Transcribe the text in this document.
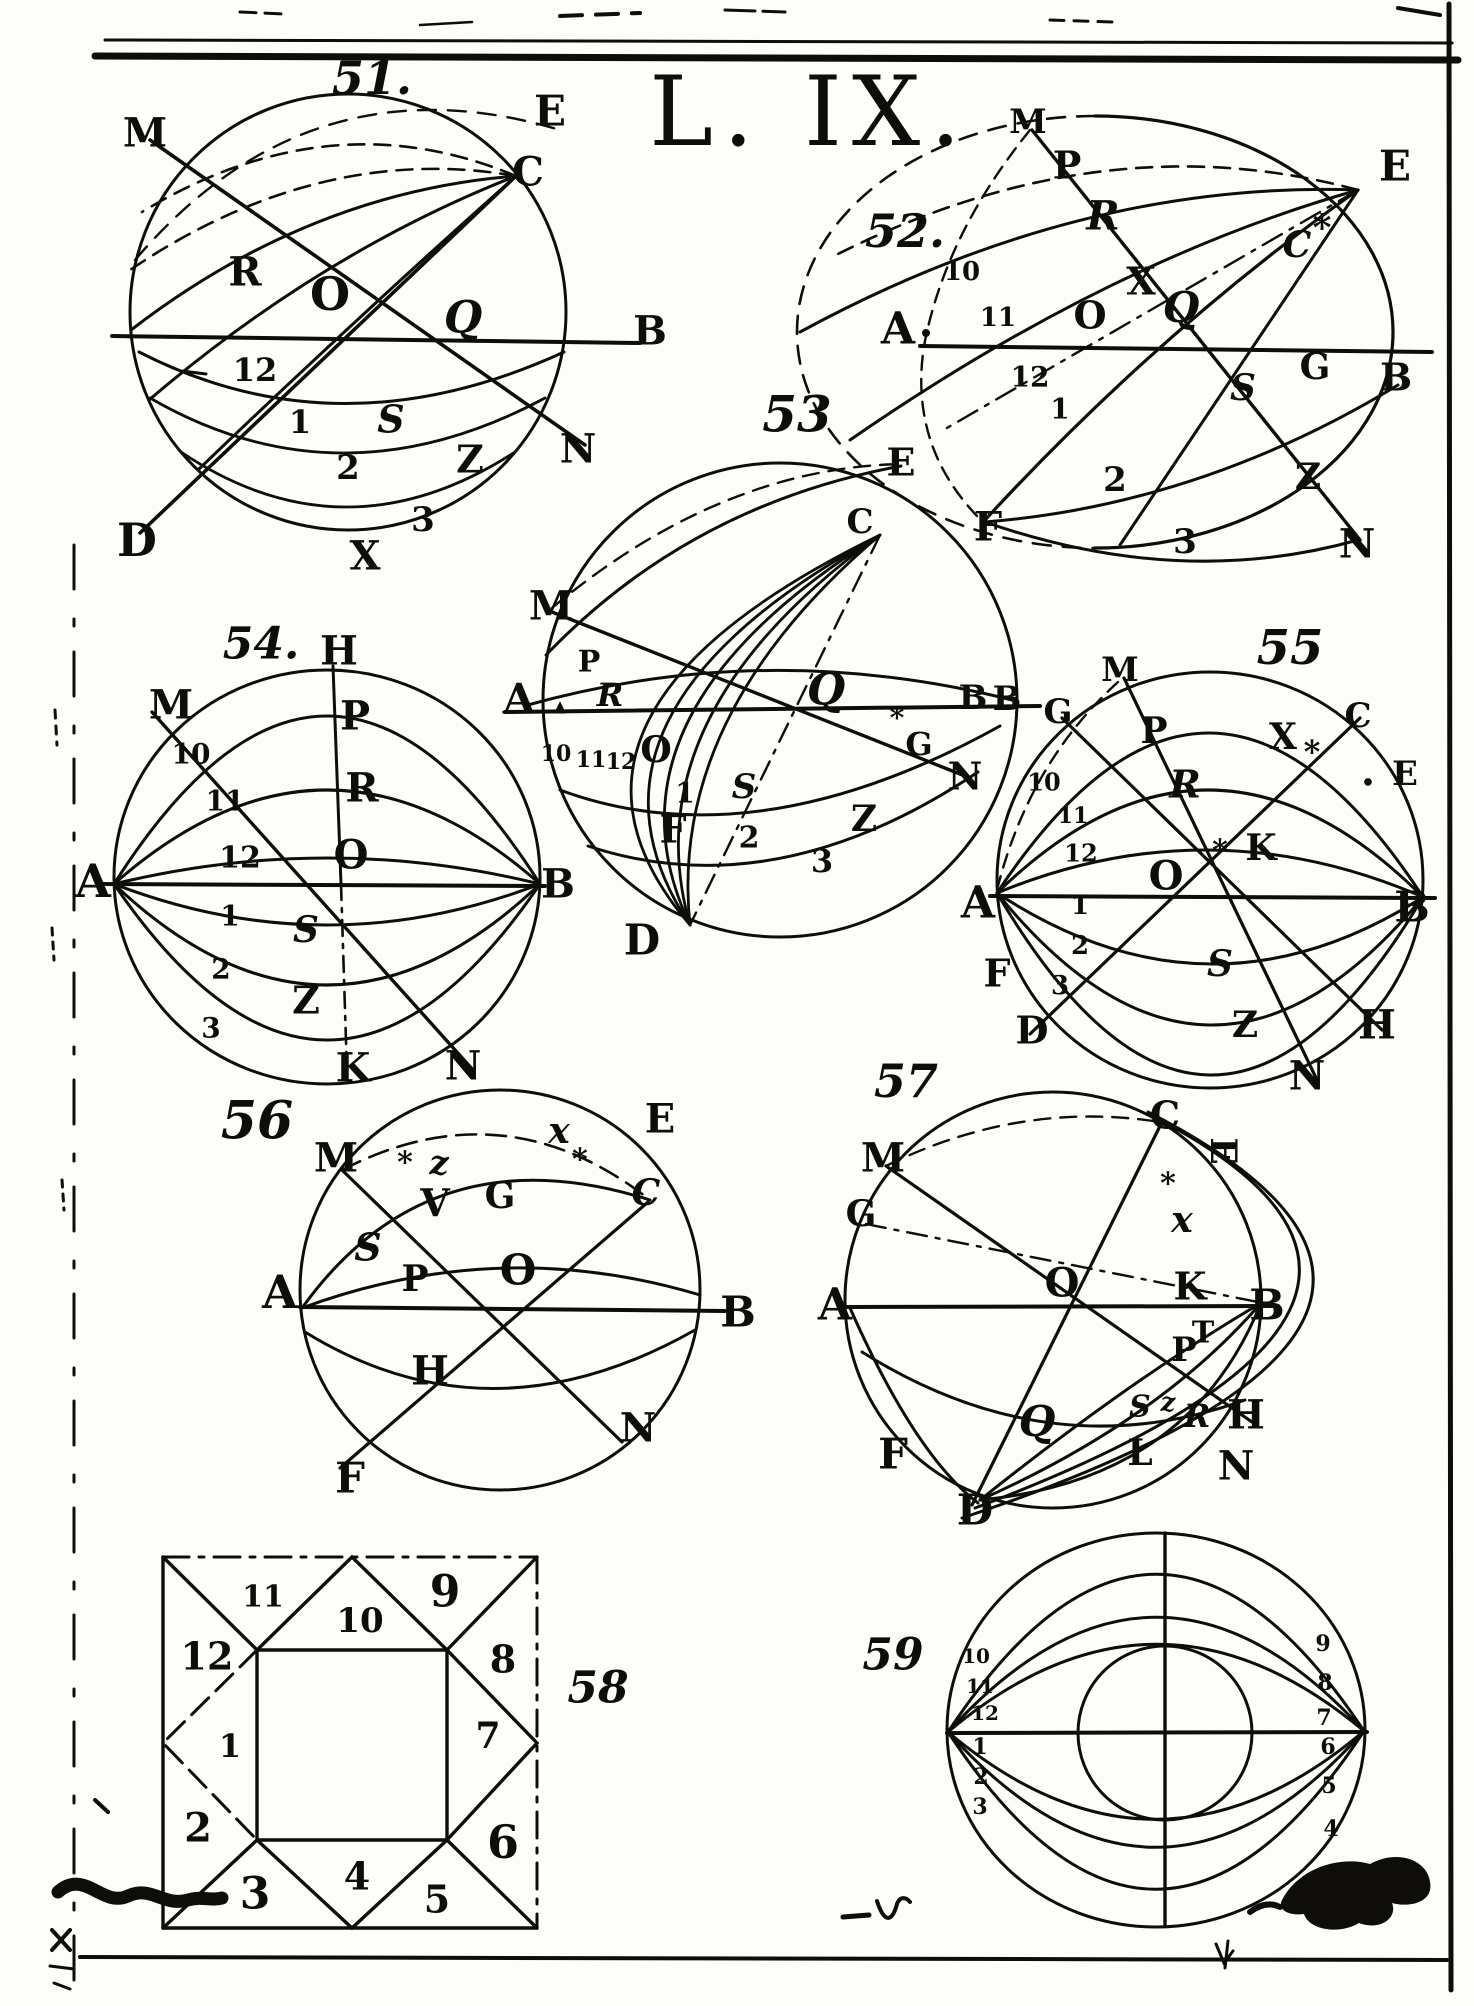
51.
M	E
C
R O Q	B
12
1 S
2	Z N
3
X
D
52.
M
P
R
X
O Q
C *
E
A
10
11
12
1
G B
S
2	Z
3	N
F
53
E
C
M
P
R
A ▲
10 11 12 O
Q
*
G
B B
N
1 S
2	Z
3
F
D
54. H
M	P
10
R
11
12 O
A	B
1 S
2
Z
3
K N
55
M
G P	X *
C
E
●
R
10
11
* K
12 O
A	B
1
2
F 3
S
D	Z H
N
56
M * z
x
*
E
C
V G
S
P O
A	B
H
F
N
57
C
E
M
*
x
G
O K
A	B
T
P
Q S z R H
L N
F
D
58
11
10
9
12	8
1	7
2	6
3 4
5
59 10
11
12
1
2
3
9
8
7
6
5
4
L. IX.
